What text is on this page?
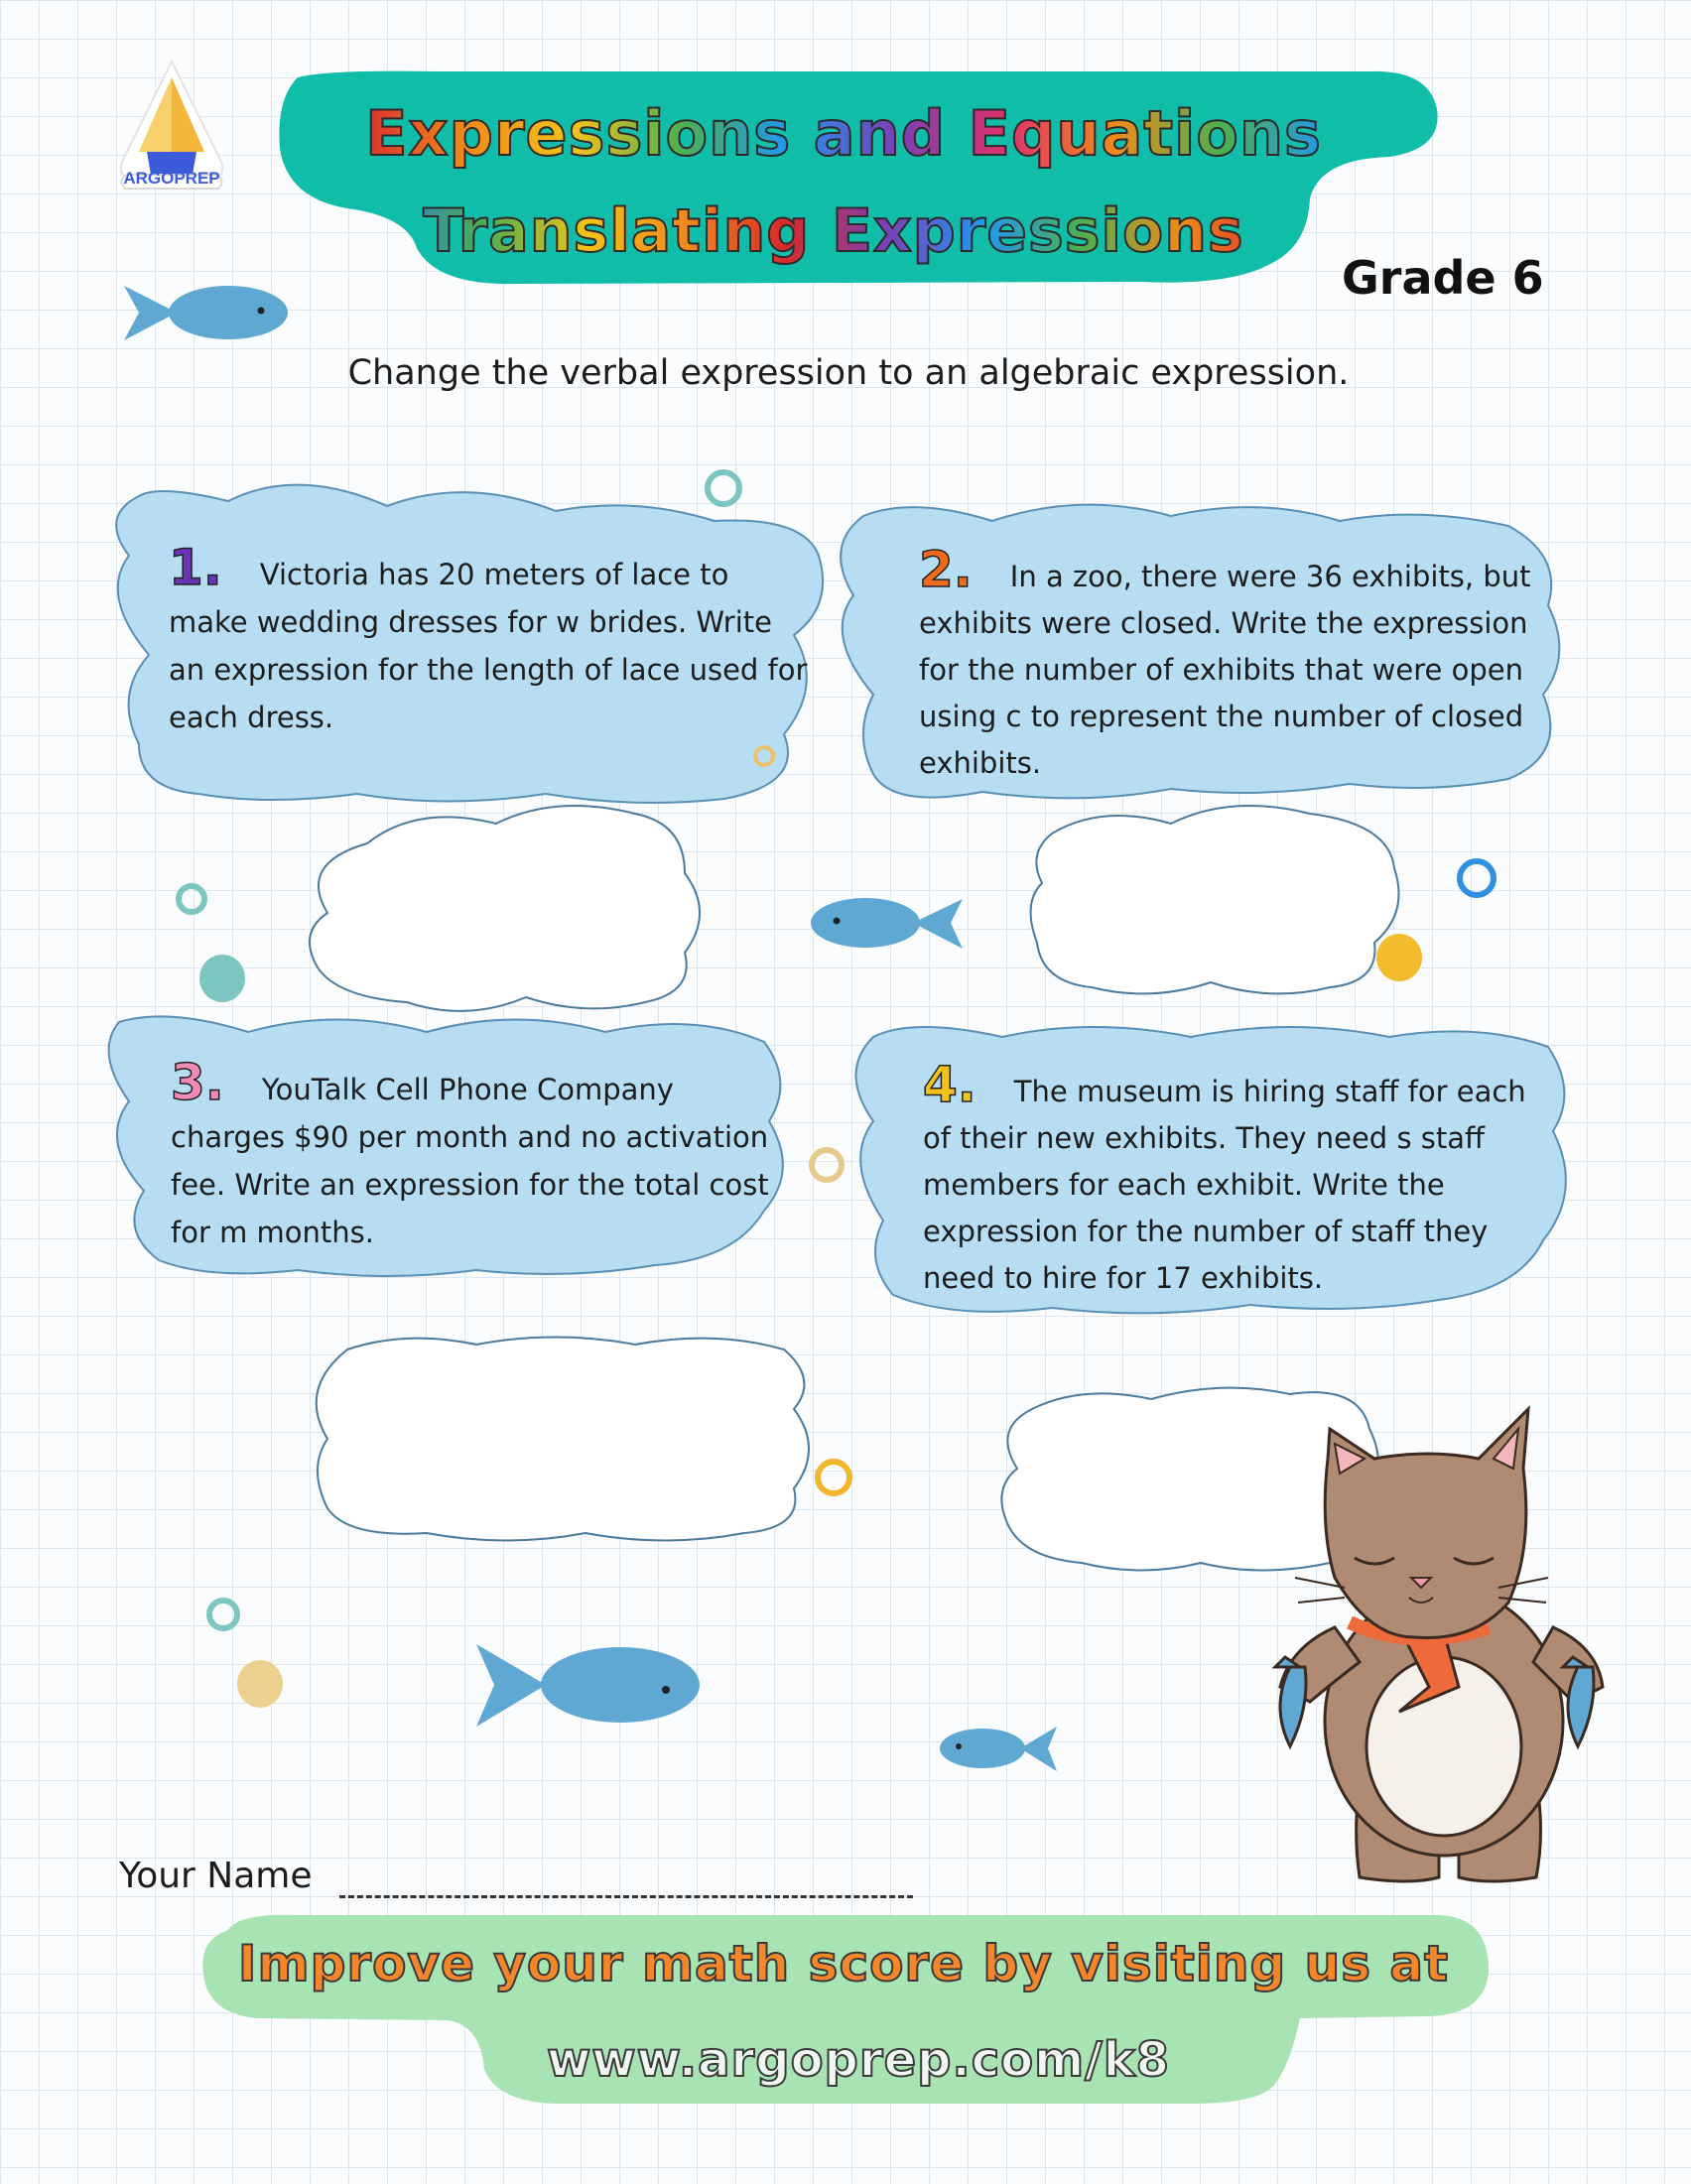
ARGOPREP
Expressions and Equations
Translating Expressions
Grade 6
Change the verbal expression to an algebraic expression.
1. Victoria has 20 meters of lace to make wedding dresses for w brides. Write an expression for the length of lace used for each dress.
2. In a zoo, there were 36 exhibits, but exhibits were closed. Write the expression for the number of exhibits that were open using c to represent the number of closed exhibits.
3. YouTalk Cell Phone Company charges $90 per month and no activation fee. Write an expression for the total cost for m months.
4. The museum is hiring staff for each of their new exhibits. They need s staff members for each exhibit. Write the expression for the number of staff they need to hire for 17 exhibits.
Your Name
Improve your math score by visiting us at
www.argoprep.com/k8
